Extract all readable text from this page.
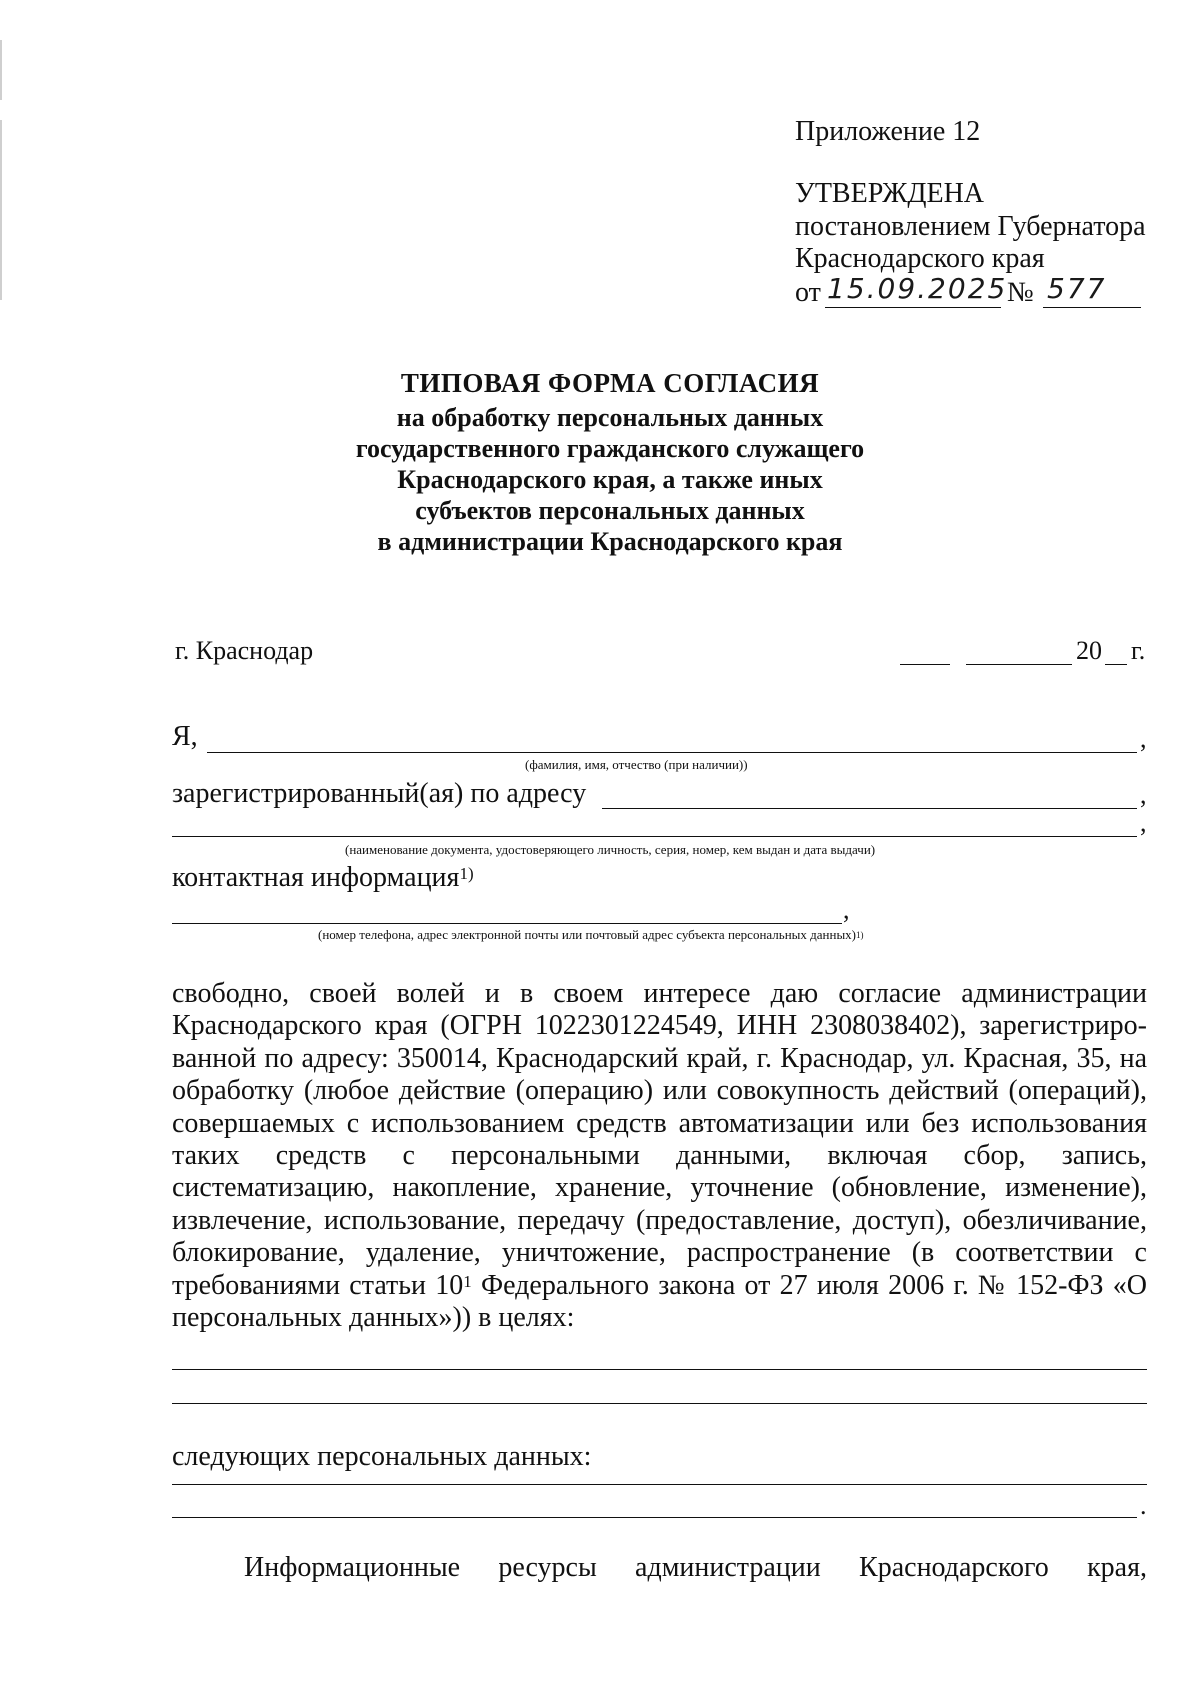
Приложение 12
УТВЕРЖДЕНА
постановлением Губернатора
Краснодарского края
от 15.09.2025 № 577
ТИПОВАЯ ФОРМА СОГЛАСИЯ
на обработку персональных данных
государственного гражданского служащего
Краснодарского края, а также иных
субъектов персональных данных
в администрации Краснодарского края
г. Краснодар	20 г.
Я,	,
(фамилия, имя, отчество (при наличии))
зарегистрированный(ая) по адресу	,
,
(наименование документа, удостоверяющего личность, серия, номер, кем выдан и дата выдачи)
контактная информация$^{1)}$
,
(номер телефона, адрес электронной почты или почтовый адрес субъекта персональных данных)$^{1)}$
свободно, своей волей и в своем интересе даю согласие администрации Краснодарского края (ОГРН 1022301224549, ИНН 2308038402), зарегистриро-ванной по адресу: 350014, Краснодарский край, г. Краснодар, ул. Красная, 35, на обработку (любое действие (операцию) или совокупность действий (операций), совершаемых с использованием средств автоматизации или без использования таких средств с персональными данными, включая сбор, запись, систематизацию, накопление, хранение, уточнение (обновление, изменение), извлечение, использование, передачу (предоставление, доступ), обезличивание, блокирование, удаление, уничтожение, распространение (в соответствии с требованиями статьи $10^1$ Федерального закона от 27 июля 2006 г. № 152-ФЗ «О персональных данных»)) в целях:
следующих персональных данных:
.
Информационные ресурсы администрации Краснодарского края,
